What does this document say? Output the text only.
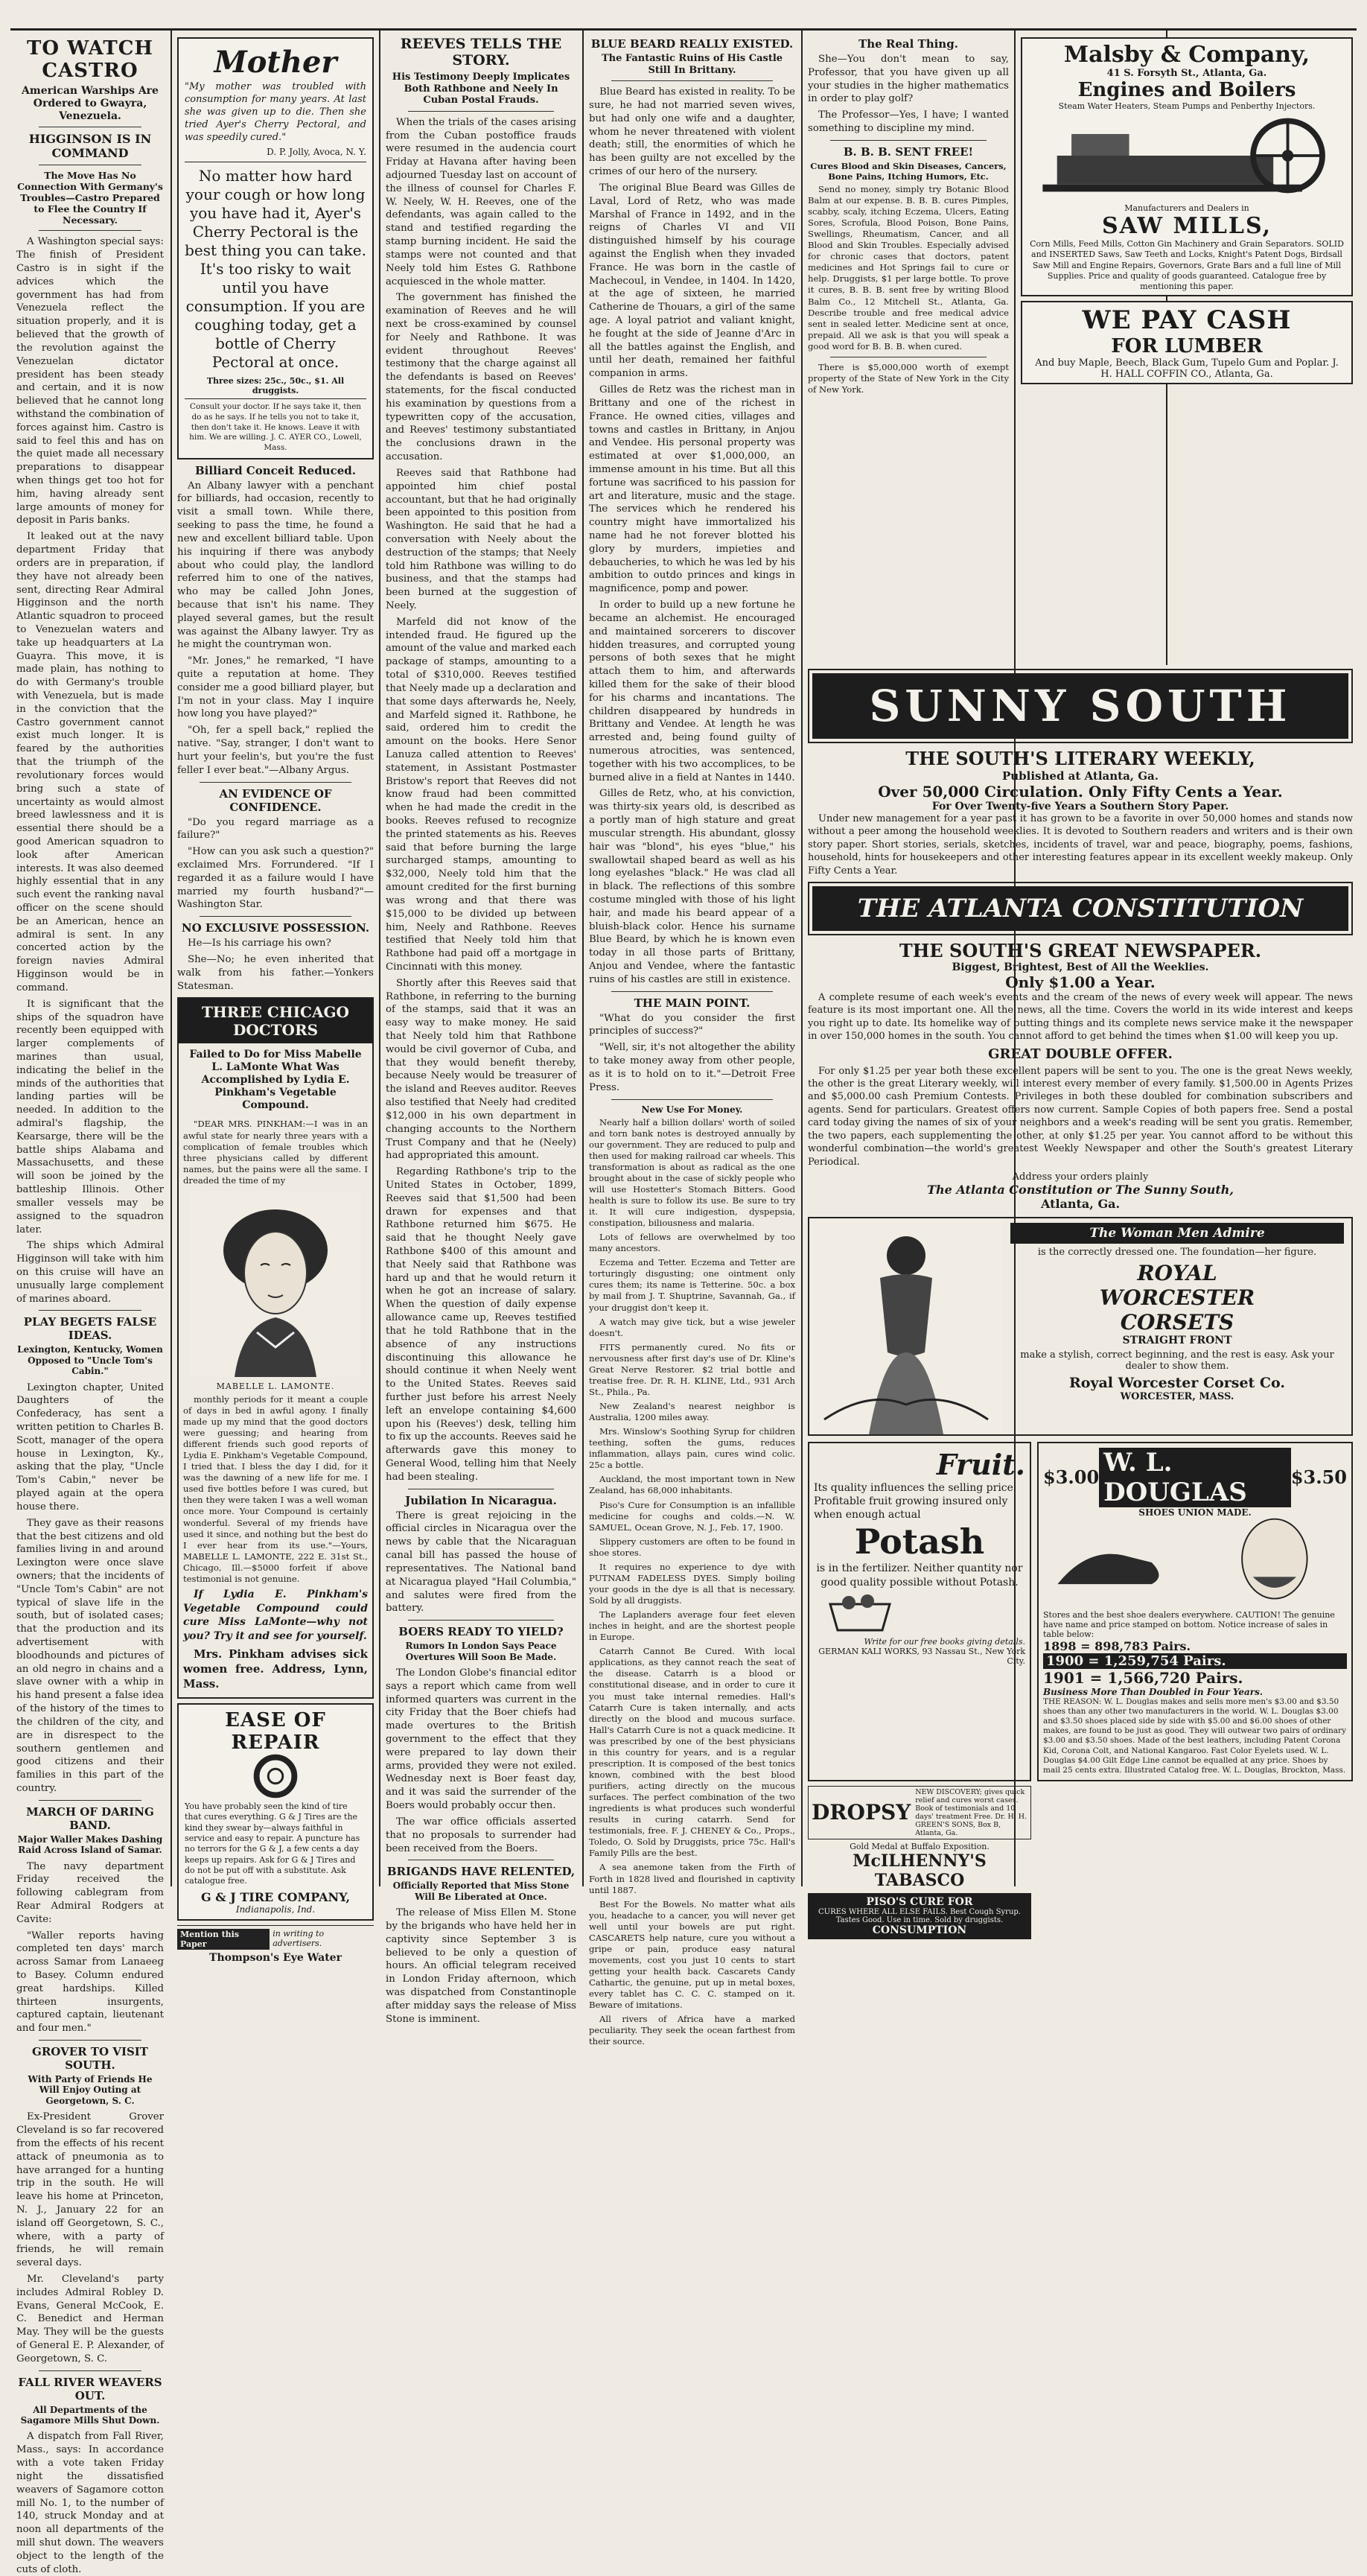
TO WATCH CASTRO
American Warships Are Ordered to Gwayra, Venezuela.
HIGGINSON IS IN COMMAND
The Move Has No Connection With Germany's Troubles—Castro Prepared to Flee the Country If Necessary.

A Washington special says: The finish of President Castro is in sight if the advices which the government has had from Venezuela reflect the situation properly, and it is believed that the growth of the revolution against the Venezuelan dictator president has been steady and certain, and it is now believed that he cannot long withstand the combination of forces against him. Castro is said to feel this and has on the quiet made all necessary preparations to disappear when things get too hot for him, having already sent large amounts of money for deposit in Paris banks.

It leaked out at the navy department Friday that orders are in preparation, if they have not already been sent, directing Rear Admiral Higginson and the north Atlantic squadron to proceed to Venezuelan waters and take up headquarters at La Guayra. This move, it is made plain, has nothing to do with Germany's trouble with Venezuela, but is made in the conviction that the Castro government cannot exist much longer. It is feared by the authorities that the triumph of the revolutionary forces would bring such a state of uncertainty as would almost breed lawlessness and it is essential there should be a good American squadron to look after American interests. It was also deemed highly essential that in any such event the ranking naval officer on the scene should be an American, hence an admiral is sent. In any concerted action by the foreign navies Admiral Higginson would be in command.

It is significant that the ships of the squadron have recently been equipped with larger complements of marines than usual, indicating the belief in the minds of the authorities that landing parties will be needed. In addition to the admiral's flagship, the Kearsarge, there will be the battle ships Alabama and Massachusetts, and these will soon be joined by the battleship Illinois. Other smaller vessels may be assigned to the squadron later.

The ships which Admiral Higginson will take with him on this cruise will have an unusually large complement of marines aboard.

PLAY BEGETS FALSE IDEAS.
Lexington, Kentucky, Women Opposed to "Uncle Tom's Cabin."

Lexington chapter, United Daughters of the Confederacy, has sent a written petition to Charles B. Scott, manager of the opera house in Lexington, Ky., asking that the play, "Uncle Tom's Cabin," never be played again at the opera house there.

They gave as their reasons that the best citizens and old families living in and around Lexington were once slave owners; that the incidents of "Uncle Tom's Cabin" are not typical of slave life in the south, but of isolated cases; that the production and its advertisement with bloodhounds and pictures of an old negro in chains and a slave owner with a whip in his hand present a false idea of the history of the times to the children of the city, and are in disrespect to the southern gentlemen and good citizens and their families in this part of the country.

MARCH OF DARING BAND.
Major Waller Makes Dashing Raid Across Island of Samar.

The navy department Friday received the following cablegram from Rear Admiral Rodgers at Cavite:

"Waller reports having completed ten days' march across Samar from Lanaeeg to Basey. Column endured great hardships. Killed thirteen insurgents, captured captain, lieutenant and four men."

GROVER TO VISIT SOUTH.
With Party of Friends He Will Enjoy Outing at Georgetown, S. C.

Ex-President Grover Cleveland is so far recovered from the effects of his recent attack of pneumonia as to have arranged for a hunting trip in the south. He will leave his home at Princeton, N. J., January 22 for an island off Georgetown, S. C., where, with a party of friends, he will remain several days.

Mr. Cleveland's party includes Admiral Robley D. Evans, General McCook, E. C. Benedict and Herman May. They will be the guests of General E. P. Alexander, of Georgetown, S. C.

FALL RIVER WEAVERS OUT.
All Departments of the Sagamore Mills Shut Down.

A dispatch from Fall River, Mass., says: In accordance with a vote taken Friday night the dissatisfied weavers of Sagamore cotton mill No. 1, to the number of 140, struck Monday and at noon all departments of the mill shut down. The weavers object to the length of the cuts of cloth.

Mother

"My mother was troubled with consumption for many years. At last she was given up to die. Then she tried Ayer's Cherry Pectoral, and was speedily cured."

D. P. Jolly, Avoca, N. Y.
No matter how hard your cough or how long you have had it, Ayer's Cherry Pectoral is the best thing you can take. It's too risky to wait until you have consumption. If you are coughing today, get a bottle of Cherry Pectoral at once.
Three sizes: 25c., 50c., $1. All druggists.
Consult your doctor. If he says take it, then do as he says. If he tells you not to take it, then don't take it. He knows. Leave it with him. We are willing. J. C. AYER CO., Lowell, Mass.
Billiard Conceit Reduced.

An Albany lawyer with a penchant for billiards, had occasion, recently to visit a small town. While there, seeking to pass the time, he found a new and excellent billiard table. Upon his inquiring if there was anybody about who could play, the landlord referred him to one of the natives, who may be called John Jones, because that isn't his name. They played several games, but the result was against the Albany lawyer. Try as he might the countryman won.

"Mr. Jones," he remarked, "I have quite a reputation at home. They consider me a good billiard player, but I'm not in your class. May I inquire how long you have played?"

"Oh, fer a spell back," replied the native. "Say, stranger, I don't want to hurt your feelin's, but you're the fust feller I ever beat."—Albany Argus.

AN EVIDENCE OF CONFIDENCE.

"Do you regard marriage as a failure?"

"How can you ask such a question?" exclaimed Mrs. Forrundered. "If I regarded it as a failure would I have married my fourth husband?"—Washington Star.

NO EXCLUSIVE POSSESSION.

He—Is his carriage his own?

She—No; he even inherited that walk from his father.—Yonkers Statesman.

THREE CHICAGO DOCTORS
Failed to Do for Miss Mabelle L. LaMonte What Was Accomplished by Lydia E. Pinkham's Vegetable Compound.

"DEAR MRS. PINKHAM:—I was in an awful state for nearly three years with a complication of female troubles which three physicians called by different names, but the pains were all the same. I dreaded the time of my

MABELLE L. LAMONTE.

monthly periods for it meant a couple of days in bed in awful agony. I finally made up my mind that the good doctors were guessing; and hearing from different friends such good reports of Lydia E. Pinkham's Vegetable Compound, I tried that. I bless the day I did, for it was the dawning of a new life for me. I used five bottles before I was cured, but then they were taken I was a well woman once more. Your Compound is certainly wonderful. Several of my friends have used it since, and nothing but the best do I ever hear from its use."—Yours, MABELLE L. LAMONTE, 222 E. 31st St., Chicago, Ill.—$5000 forfeit if above testimonial is not genuine.

If Lydia E. Pinkham's Vegetable Compound could cure Miss LaMonte—why not you? Try it and see for yourself.

Mrs. Pinkham advises sick women free. Address, Lynn, Mass.

EASE OF REPAIR
You have probably seen the kind of tire that cures everything. G & J Tires are the kind they swear by—always faithful in service and easy to repair. A puncture has no terrors for the G & J, a few cents a day keeps up repairs. Ask for G & J Tires and do not be put off with a substitute. Ask catalogue free.
G & J TIRE COMPANY,
Indianapolis, Ind.
Mention this Paper
in writing to advertisers.
Thompson's Eye Water
REEVES TELLS THE STORY.
His Testimony Deeply Implicates Both Rathbone and Neely In Cuban Postal Frauds.

When the trials of the cases arising from the Cuban postoffice frauds were resumed in the audencia court Friday at Havana after having been adjourned Tuesday last on account of the illness of counsel for Charles F. W. Neely, W. H. Reeves, one of the defendants, was again called to the stand and testified regarding the stamp burning incident. He said the stamps were not counted and that Neely told him Estes G. Rathbone acquiesced in the whole matter.

The government has finished the examination of Reeves and he will next be cross-examined by counsel for Neely and Rathbone. It was evident throughout Reeves' testimony that the charge against all the defendants is based on Reeves' statements, for the fiscal conducted his examination by questions from a typewritten copy of the accusation, and Reeves' testimony substantiated the conclusions drawn in the accusation.

Reeves said that Rathbone had appointed him chief postal accountant, but that he had originally been appointed to this position from Washington. He said that he had a conversation with Neely about the destruction of the stamps; that Neely told him Rathbone was willing to do business, and that the stamps had been burned at the suggestion of Neely.

Marfeld did not know of the intended fraud. He figured up the amount of the value and marked each package of stamps, amounting to a total of $310,000. Reeves testified that Neely made up a declaration and that some days afterwards he, Neely, and Marfeld signed it. Rathbone, he said, ordered him to credit the amount on the books. Here Senor Lanuza called attention to Reeves' statement, in Assistant Postmaster Bristow's report that Reeves did not know fraud had been committed when he had made the credit in the books. Reeves refused to recognize the printed statements as his. Reeves said that before burning the large surcharged stamps, amounting to $32,000, Neely told him that the amount credited for the first burning was wrong and that there was $15,000 to be divided up between him, Neely and Rathbone. Reeves testified that Neely told him that Rathbone had paid off a mortgage in Cincinnati with this money.

Shortly after this Reeves said that Rathbone, in referring to the burning of the stamps, said that it was an easy way to make money. He said that Neely told him that Rathbone would be civil governor of Cuba, and that they would benefit thereby, because Neely would be treasurer of the island and Reeves auditor. Reeves also testified that Neely had credited $12,000 in his own department in changing accounts to the Northern Trust Company and that he (Neely) had appropriated this amount.

Regarding Rathbone's trip to the United States in October, 1899, Reeves said that $1,500 had been drawn for expenses and that Rathbone returned him $675. He said that he thought Neely gave Rathbone $400 of this amount and that Neely said that Rathbone was hard up and that he would return it when he got an increase of salary. When the question of daily expense allowance came up, Reeves testified that he told Rathbone that in the absence of any instructions discontinuing this allowance he should continue it when Neely went to the United States. Reeves said further just before his arrest Neely left an envelope containing $4,600 upon his (Reeves') desk, telling him to fix up the accounts. Reeves said he afterwards gave this money to General Wood, telling him that Neely had been stealing.

Jubilation In Nicaragua.

There is great rejoicing in the official circles in Nicaragua over the news by cable that the Nicaraguan canal bill has passed the house of representatives. The National band at Nicaragua played "Hail Columbia," and salutes were fired from the battery.

BOERS READY TO YIELD?
Rumors In London Says Peace Overtures Will Soon Be Made.

The London Globe's financial editor says a report which came from well informed quarters was current in the city Friday that the Boer chiefs had made overtures to the British government to the effect that they were prepared to lay down their arms, provided they were not exiled. Wednesday next is Boer feast day, and it was said the surrender of the Boers would probably occur then.

The war office officials asserted that no proposals to surrender had been received from the Boers.

BRIGANDS HAVE RELENTED,
Officially Reported that Miss Stone Will Be Liberated at Once.

The release of Miss Ellen M. Stone by the brigands who have held her in captivity since September 3 is believed to be only a question of hours. An official telegram received in London Friday afternoon, which was dispatched from Constantinople after midday says the release of Miss Stone is imminent.

BLUE BEARD REALLY EXISTED.
The Fantastic Ruins of His Castle Still In Brittany.

Blue Beard has existed in reality. To be sure, he had not married seven wives, but had only one wife and a daughter, whom he never threatened with violent death; still, the enormities of which he has been guilty are not excelled by the crimes of our hero of the nursery.

The original Blue Beard was Gilles de Laval, Lord of Retz, who was made Marshal of France in 1492, and in the reigns of Charles VI and VII distinguished himself by his courage against the English when they invaded France. He was born in the castle of Machecoul, in Vendee, in 1404. In 1420, at the age of sixteen, he married Catherine de Thouars, a girl of the same age. A loyal patriot and valiant knight, he fought at the side of Jeanne d'Arc in all the battles against the English, and until her death, remained her faithful companion in arms.

Gilles de Retz was the richest man in Brittany and one of the richest in France. He owned cities, villages and towns and castles in Brittany, in Anjou and Vendee. His personal property was estimated at over $1,000,000, an immense amount in his time. But all this fortune was sacrificed to his passion for art and literature, music and the stage. The services which he rendered his country might have immortalized his name had he not forever blotted his glory by murders, impieties and debaucheries, to which he was led by his ambition to outdo princes and kings in magnificence, pomp and power.

In order to build up a new fortune he became an alchemist. He encouraged and maintained sorcerers to discover hidden treasures, and corrupted young persons of both sexes that he might attach them to him, and afterwards killed them for the sake of their blood for his charms and incantations. The children disappeared by hundreds in Brittany and Vendee. At length he was arrested and, being found guilty of numerous atrocities, was sentenced, together with his two accomplices, to be burned alive in a field at Nantes in 1440.

Gilles de Retz, who, at his conviction, was thirty-six years old, is described as a portly man of high stature and great muscular strength. His abundant, glossy hair was "blond", his eyes "blue," his swallowtail shaped beard as well as his long eyelashes "black." He was clad all in black. The reflections of this sombre costume mingled with those of his light hair, and made his beard appear of a bluish-black color. Hence his surname Blue Beard, by which he is known even today in all those parts of Brittany, Anjou and Vendee, where the fantastic ruins of his castles are still in existence.

THE MAIN POINT.

"What do you consider the first principles of success?"

"Well, sir, it's not altogether the ability to take money away from other people, as it is to hold on to it."—Detroit Free Press.

New Use For Money.

Nearly half a billion dollars' worth of soiled and torn bank notes is destroyed annually by our government. They are reduced to pulp and then used for making railroad car wheels. This transformation is about as radical as the one brought about in the case of sickly people who will use Hostetter's Stomach Bitters. Good health is sure to follow its use. Be sure to try it. It will cure indigestion, dyspepsia, constipation, biliousness and malaria.

Lots of fellows are overwhelmed by too many ancestors.

Eczema and Tetter. Eczema and Tetter are torturingly disgusting; one ointment only cures them; its name is Tetterine. 50c. a box by mail from J. T. Shuptrine, Savannah, Ga., if your druggist don't keep it.

A watch may give tick, but a wise jeweler doesn't.

FITS permanently cured. No fits or nervousness after first day's use of Dr. Kline's Great Nerve Restorer. $2 trial bottle and treatise free. Dr. R. H. KLINE, Ltd., 931 Arch St., Phila., Pa.

New Zealand's nearest neighbor is Australia, 1200 miles away.

Mrs. Winslow's Soothing Syrup for children teething, soften the gums, reduces inflammation, allays pain, cures wind colic. 25c a bottle.

Auckland, the most important town in New Zealand, has 68,000 inhabitants.

Piso's Cure for Consumption is an infallible medicine for coughs and colds.—N. W. SAMUEL, Ocean Grove, N. J., Feb. 17, 1900.

Slippery customers are often to be found in shoe stores.

It requires no experience to dye with PUTNAM FADELESS DYES. Simply boiling your goods in the dye is all that is necessary. Sold by all druggists.

The Laplanders average four feet eleven inches in height, and are the shortest people in Europe.

Catarrh Cannot Be Cured. With local applications, as they cannot reach the seat of the disease. Catarrh is a blood or constitutional disease, and in order to cure it you must take internal remedies. Hall's Catarrh Cure is taken internally, and acts directly on the blood and mucous surface. Hall's Catarrh Cure is not a quack medicine. It was prescribed by one of the best physicians in this country for years, and is a regular prescription. It is composed of the best tonics known, combined with the best blood purifiers, acting directly on the mucous surfaces. The perfect combination of the two ingredients is what produces such wonderful results in curing catarrh. Send for testimonials, free. F. J. CHENEY & Co., Props., Toledo, O. Sold by Druggists, price 75c. Hall's Family Pills are the best.

A sea anemone taken from the Firth of Forth in 1828 lived and flourished in captivity until 1887.

Best For the Bowels. No matter what ails you, headache to a cancer, you will never get well until your bowels are put right. CASCARETS help nature, cure you without a gripe or pain, produce easy natural movements, cost you just 10 cents to start getting your health back. Cascarets Candy Cathartic, the genuine, put up in metal boxes, every tablet has C. C. C. stamped on it. Beware of imitations.

All rivers of Africa have a marked peculiarity. They seek the ocean farthest from their source.

The Real Thing.

She—You don't mean to say, Professor, that you have given up all your studies in the higher mathematics in order to play golf?

The Professor—Yes, I have; I wanted something to discipline my mind.

B. B. B. SENT FREE!
Cures Blood and Skin Diseases, Cancers, Bone Pains, Itching Humors, Etc.

Send no money, simply try Botanic Blood Balm at our expense. B. B. B. cures Pimples, scabby, scaly, itching Eczema, Ulcers, Eating Sores, Scrofula, Blood Poison, Bone Pains, Swellings, Rheumatism, Cancer, and all Blood and Skin Troubles. Especially advised for chronic cases that doctors, patent medicines and Hot Springs fail to cure or help. Druggists, $1 per large bottle. To prove it cures, B. B. B. sent free by writing Blood Balm Co., 12 Mitchell St., Atlanta, Ga. Describe trouble and free medical advice sent in sealed letter. Medicine sent at once, prepaid. All we ask is that you will speak a good word for B. B. B. when cured.

There is $5,000,000 worth of exempt property of the State of New York in the City of New York.

Malsby & Company,
41 S. Forsyth St., Atlanta, Ga.
Engines and Boilers
Steam Water Heaters, Steam Pumps and Penberthy Injectors.
Manufacturers and Dealers in
SAW MILLS,
Corn Mills, Feed Mills, Cotton Gin Machinery and Grain Separators. SOLID and INSERTED Saws, Saw Teeth and Locks, Knight's Patent Dogs, Birdsall Saw Mill and Engine Repairs, Governors, Grate Bars and a full line of Mill Supplies. Price and quality of goods guaranteed. Catalogue free by mentioning this paper.
WE PAY CASH
FOR LUMBER
And buy Maple, Beech, Black Gum, Tupelo Gum and Poplar. J. H. HALL COFFIN CO., Atlanta, Ga.
SUNNY SOUTH
THE SOUTH'S LITERARY WEEKLY,
Published at Atlanta, Ga.
Over 50,000 Circulation. Only Fifty Cents a Year.
For Over Twenty-five Years a Southern Story Paper.

Under new management for a year past it has grown to be a favorite in over 50,000 homes and stands now without a peer among the household weeklies. It is devoted to Southern readers and writers and is their own story paper. Short stories, serials, sketches, incidents of travel, war and peace, biography, poems, fashions, household, hints for housekeepers and other interesting features appear in its excellent weekly makeup. Only Fifty Cents a Year.

THE ATLANTA CONSTITUTION
THE SOUTH'S GREAT NEWSPAPER.
Biggest, Brightest, Best of All the Weeklies.
Only $1.00 a Year.

A complete resume of each week's events and the cream of the news of every week will appear. The news feature is its most important one. All the news, all the time. Covers the world in its wide interest and keeps you right up to date. Its homelike way of putting things and its complete news service make it the newspaper in over 150,000 homes in the south. You cannot afford to get behind the times when $1.00 will keep you up.

GREAT DOUBLE OFFER.

For only $1.25 per year both these excellent papers will be sent to you. The one is the great News weekly, the other is the great Literary weekly, will interest every member of every family. $1,500.00 in Agents Prizes and $5,000.00 cash Premium Contests. Privileges in both these doubled for combination subscribers and agents. Send for particulars. Greatest offers now current. Sample Copies of both papers free. Send a postal card today giving the names of six of your neighbors and a week's reading will be sent you gratis. Remember, the two papers, each supplementing the other, at only $1.25 per year. You cannot afford to be without this wonderful combination—the world's greatest Weekly Newspaper and other the South's greatest Literary Periodical.

Address your orders plainly
The Atlanta Constitution or The Sunny South,
Atlanta, Ga.
The Woman Men Admire
is the correctly dressed one. The foundation—her figure.
ROYAL
WORCESTER
CORSETS
STRAIGHT FRONT
make a stylish, correct beginning, and the rest is easy. Ask your dealer to show them.
Royal Worcester Corset Co.
WORCESTER, MASS.
Fruit.
Its quality influences the selling price. Profitable fruit growing insured only when enough actual
Potash
is in the fertilizer. Neither quantity nor good quality possible without Potash.
Write for our free books giving details.
GERMAN KALI WORKS, 93 Nassau St., New York City.
$3.00 W. L. DOUGLAS	$3.50
SHOES UNION MADE.
Stores and the best shoe dealers everywhere. CAUTION! The genuine have name and price stamped on bottom. Notice increase of sales in table below:
1898 = 898,783 Pairs.
1900 = 1,259,754 Pairs.
1901 = 1,566,720 Pairs.
Business More Than Doubled in Four Years.
THE REASON: W. L. Douglas makes and sells more men's $3.00 and $3.50 shoes than any other two manufacturers in the world. W. L. Douglas $3.00 and $3.50 shoes placed side by side with $5.00 and $6.00 shoes of other makes, are found to be just as good. They will outwear two pairs of ordinary $3.00 and $3.50 shoes. Made of the best leathers, including Patent Corona Kid, Corona Colt, and National Kangaroo. Fast Color Eyelets used. W. L. Douglas $4.00 Gilt Edge Line cannot be equalled at any price. Shoes by mail 25 cents extra. Illustrated Catalog free. W. L. Douglas, Brockton, Mass.
DROPSY
NEW DISCOVERY; gives quick relief and cures worst cases. Book of testimonials and 10 days' treatment Free. Dr. H. H. GREEN'S SONS, Box B, Atlanta, Ga.
Gold Medal at Buffalo Exposition.
McILHENNY'S TABASCO
PISO'S CURE FOR
CURES WHERE ALL ELSE FAILS. Best Cough Syrup. Tastes Good. Use in time. Sold by druggists.
CONSUMPTION
